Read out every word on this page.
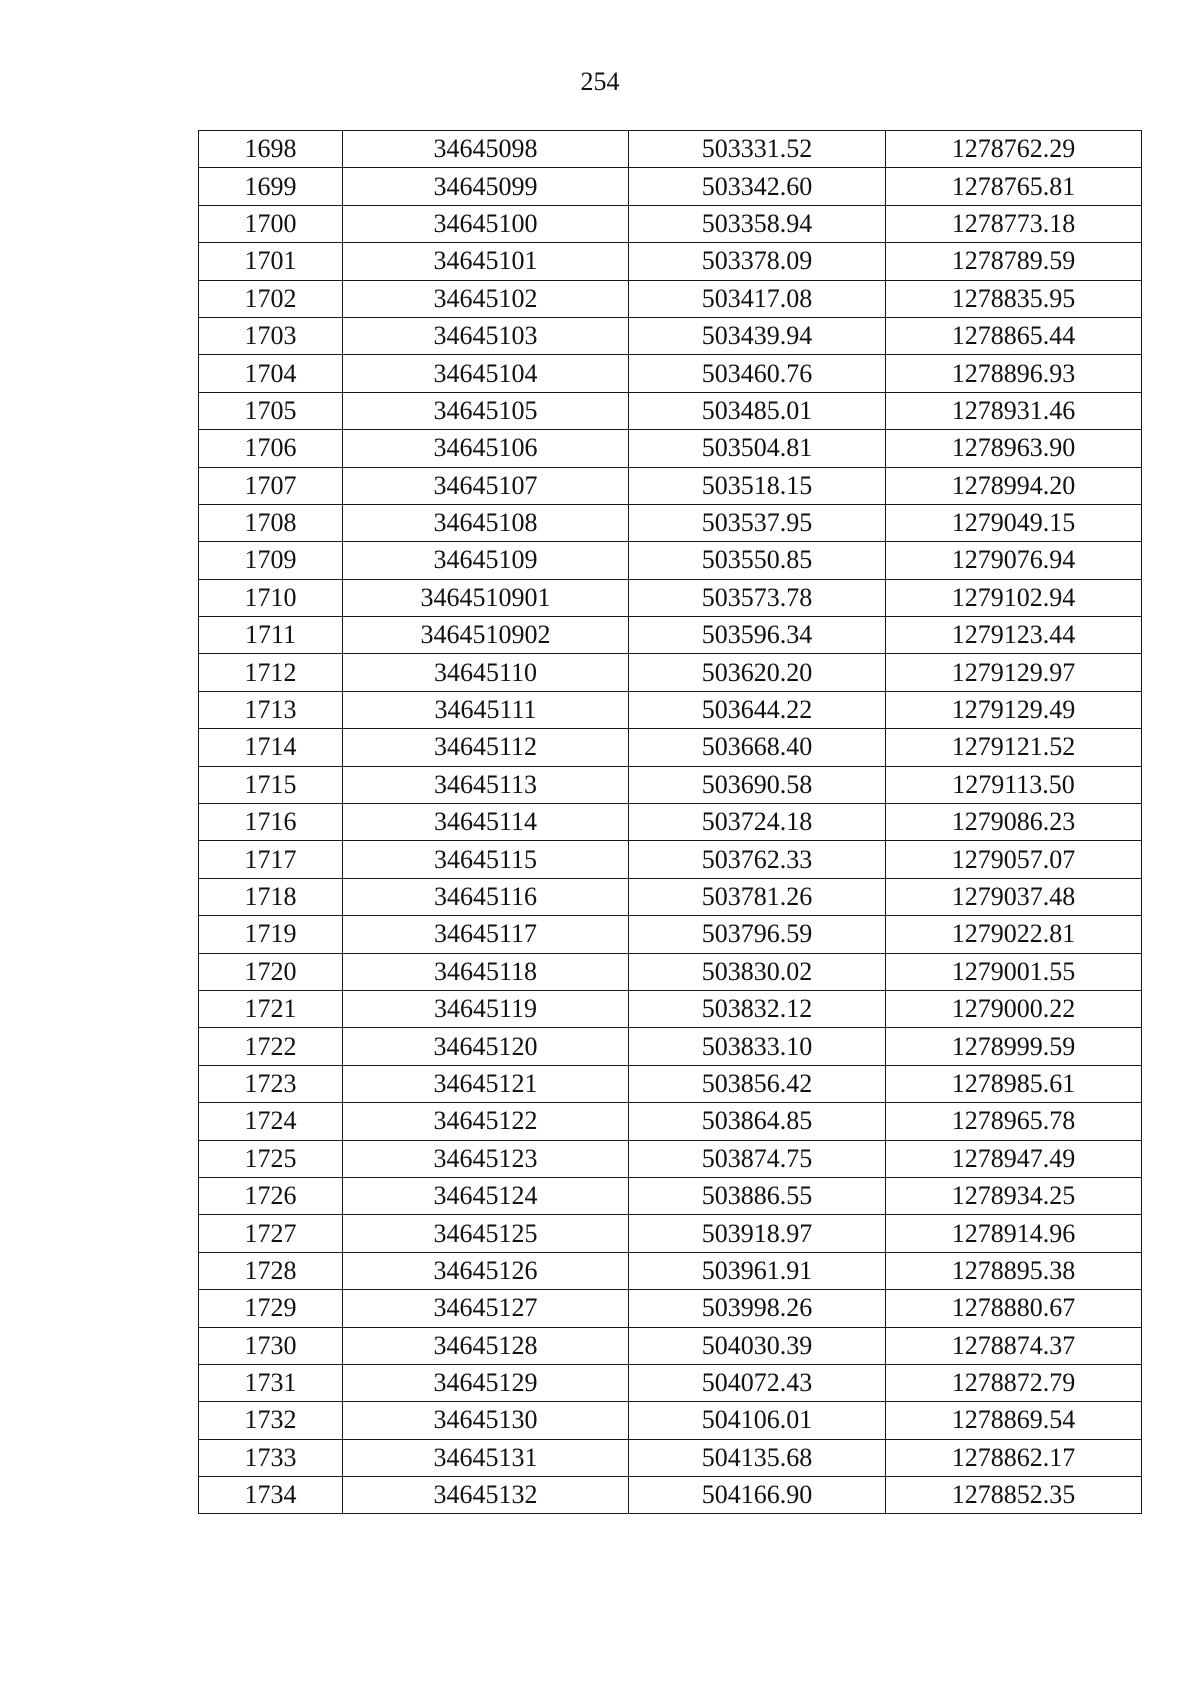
254
1698	34645098	503331.52	1278762.29
1699	34645099	503342.60	1278765.81
1700	34645100	503358.94	1278773.18
1701	34645101	503378.09	1278789.59
1702	34645102	503417.08	1278835.95
1703	34645103	503439.94	1278865.44
1704	34645104	503460.76	1278896.93
1705	34645105	503485.01	1278931.46
1706	34645106	503504.81	1278963.90
1707	34645107	503518.15	1278994.20
1708	34645108	503537.95	1279049.15
1709	34645109	503550.85	1279076.94
1710	3464510901	503573.78	1279102.94
1711	3464510902	503596.34	1279123.44
1712	34645110	503620.20	1279129.97
1713	34645111	503644.22	1279129.49
1714	34645112	503668.40	1279121.52
1715	34645113	503690.58	1279113.50
1716	34645114	503724.18	1279086.23
1717	34645115	503762.33	1279057.07
1718	34645116	503781.26	1279037.48
1719	34645117	503796.59	1279022.81
1720	34645118	503830.02	1279001.55
1721	34645119	503832.12	1279000.22
1722	34645120	503833.10	1278999.59
1723	34645121	503856.42	1278985.61
1724	34645122	503864.85	1278965.78
1725	34645123	503874.75	1278947.49
1726	34645124	503886.55	1278934.25
1727	34645125	503918.97	1278914.96
1728	34645126	503961.91	1278895.38
1729	34645127	503998.26	1278880.67
1730	34645128	504030.39	1278874.37
1731	34645129	504072.43	1278872.79
1732	34645130	504106.01	1278869.54
1733	34645131	504135.68	1278862.17
1734	34645132	504166.90	1278852.35
